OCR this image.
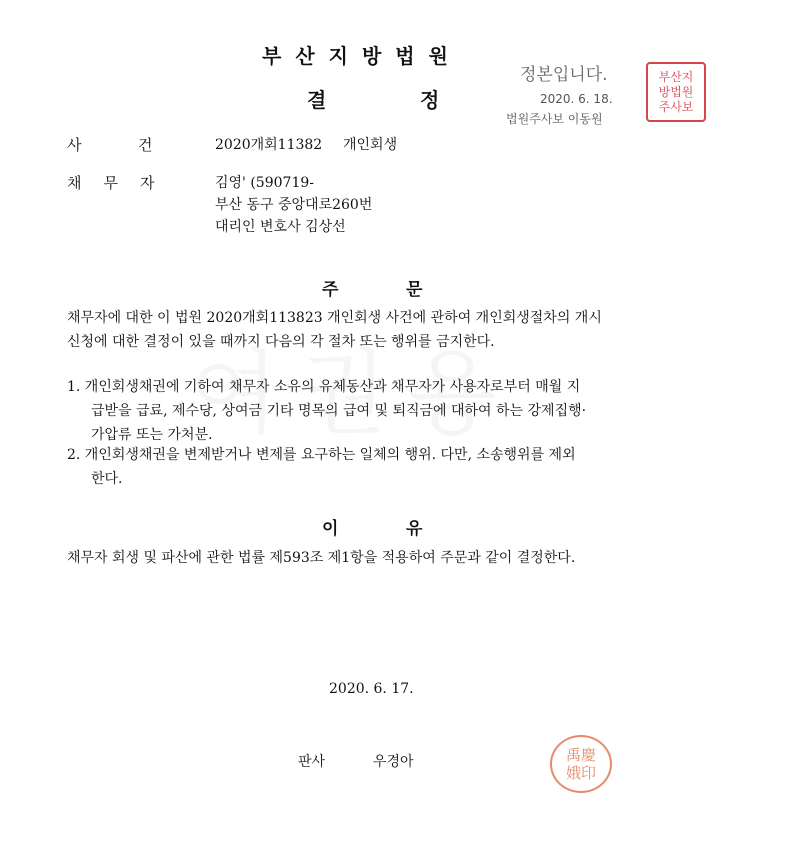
부산지방법원
결	정
정본입니다.
2020. 6. 18.
법원주사보 이동원
부산지
방법원
주사보
사	건	2020개회11382 개인회생
채무자	김영' (590719-
부산 동구 중앙대로260번
대리인 변호사 김상선
주	문
채무자에 대한 이 법원 2020개회113823 개인회생 사건에 관하여 개인회생절차의 개시
신청에 대한 결정이 있을 때까지 다음의 각 절차 또는 행위를 금지한다.
1. 개인회생채권에 기하여 채무자 소유의 유체동산과 채무자가 사용자로부터 매월 지
급받을 급료, 제수당, 상여금 기타 명목의 급여 및 퇴직금에 대하여 하는 강제집행·
가압류 또는 가처분.
2. 개인회생채권을 변제받거나 변제를 요구하는 일체의 행위. 다만, 소송행위를 제외
한다.
이	유
채무자 회생 및 파산에 관한 법률 제593조 제1항을 적용하여 주문과 같이 결정한다.
2020. 6. 17.
판사	우경아	禹慶
娥印
